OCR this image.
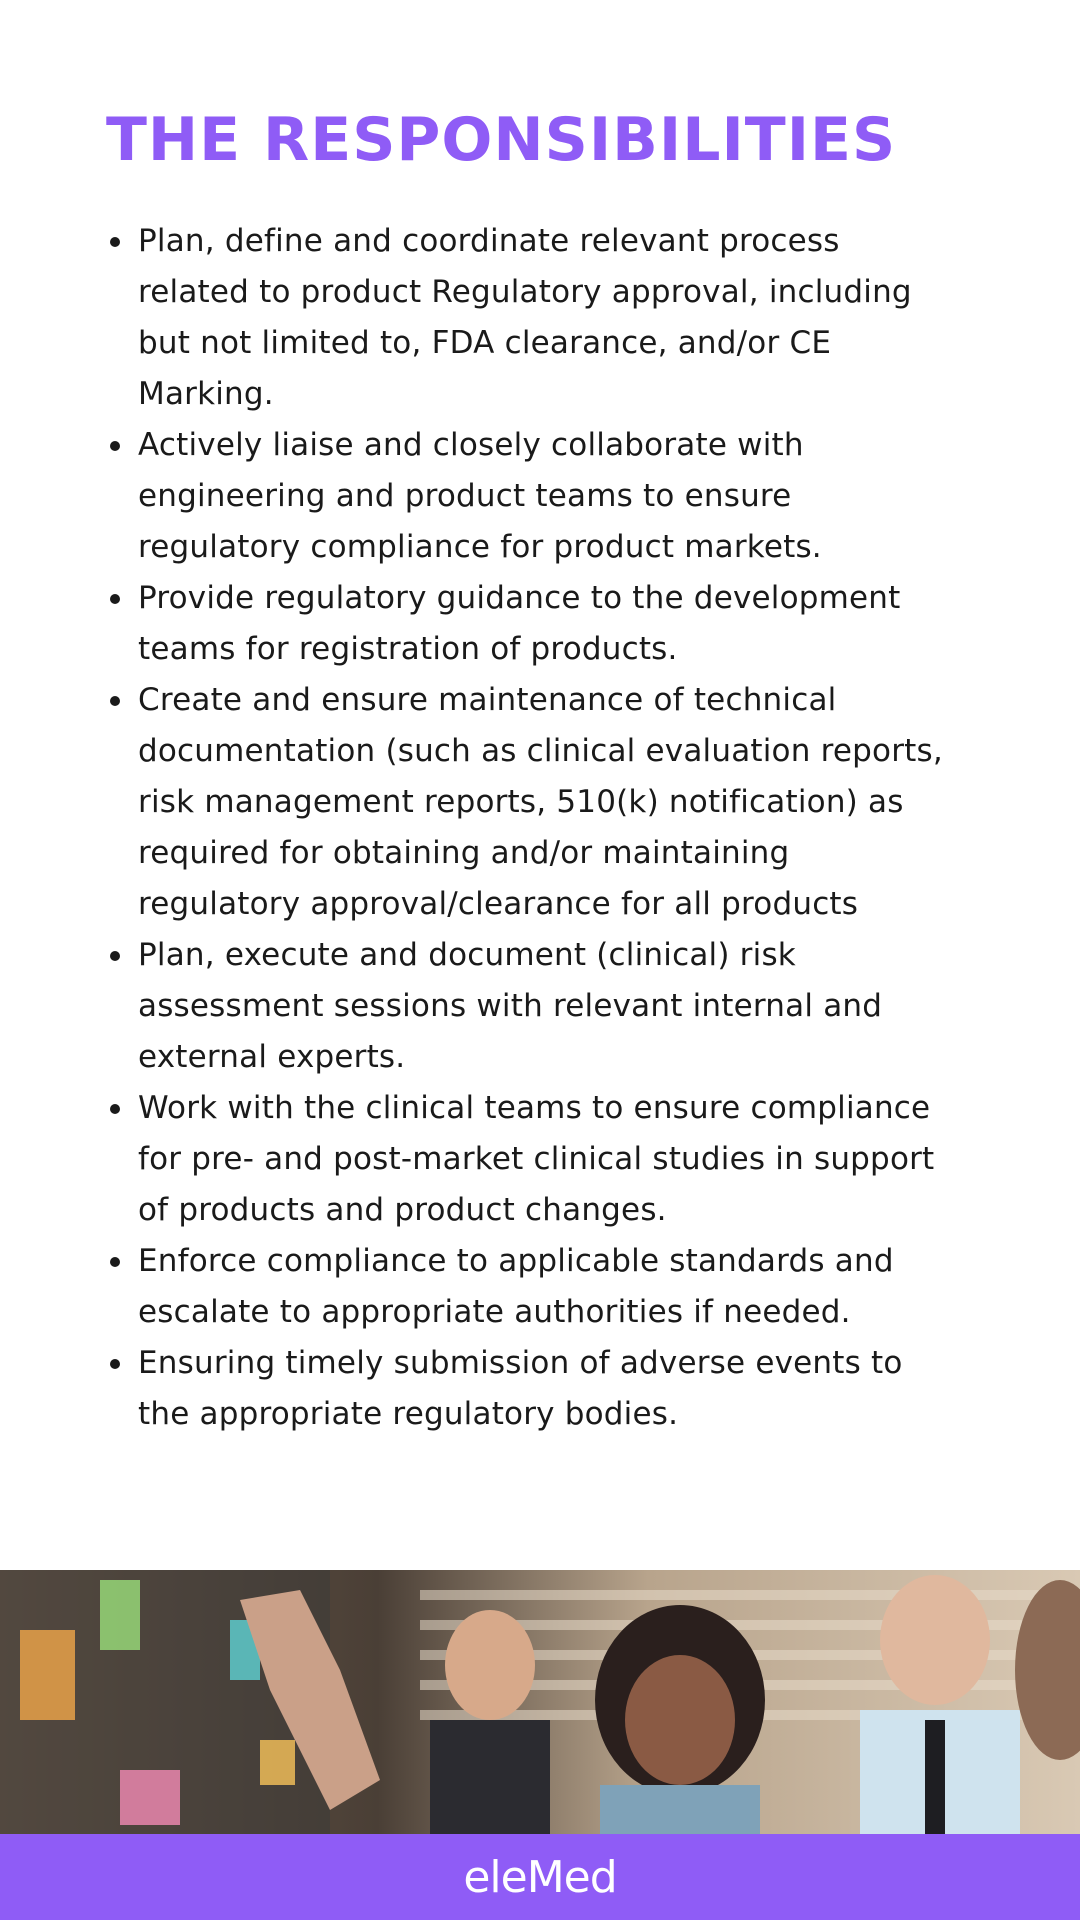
THE RESPONSIBILITIES
Plan, define and coordinate relevant process related to product Regulatory approval, including but not limited to, FDA clearance, and/or CE Marking.
Actively liaise and closely collaborate with engineering and product teams to ensure regulatory compliance for product markets.
Provide regulatory guidance to the development teams for registration of products.
Create and ensure maintenance of technical documentation (such as clinical evaluation reports, risk management reports, 510(k) notification) as required for obtaining and/or maintaining regulatory approval/clearance for all products
Plan, execute and document (clinical) risk assessment sessions with relevant internal and external experts.
Work with the clinical teams to ensure compliance for pre- and post-market clinical studies in support of products and product changes.
Enforce compliance to applicable standards and escalate to appropriate authorities if needed.
Ensuring timely submission of adverse events to the appropriate regulatory bodies.
eleMed
